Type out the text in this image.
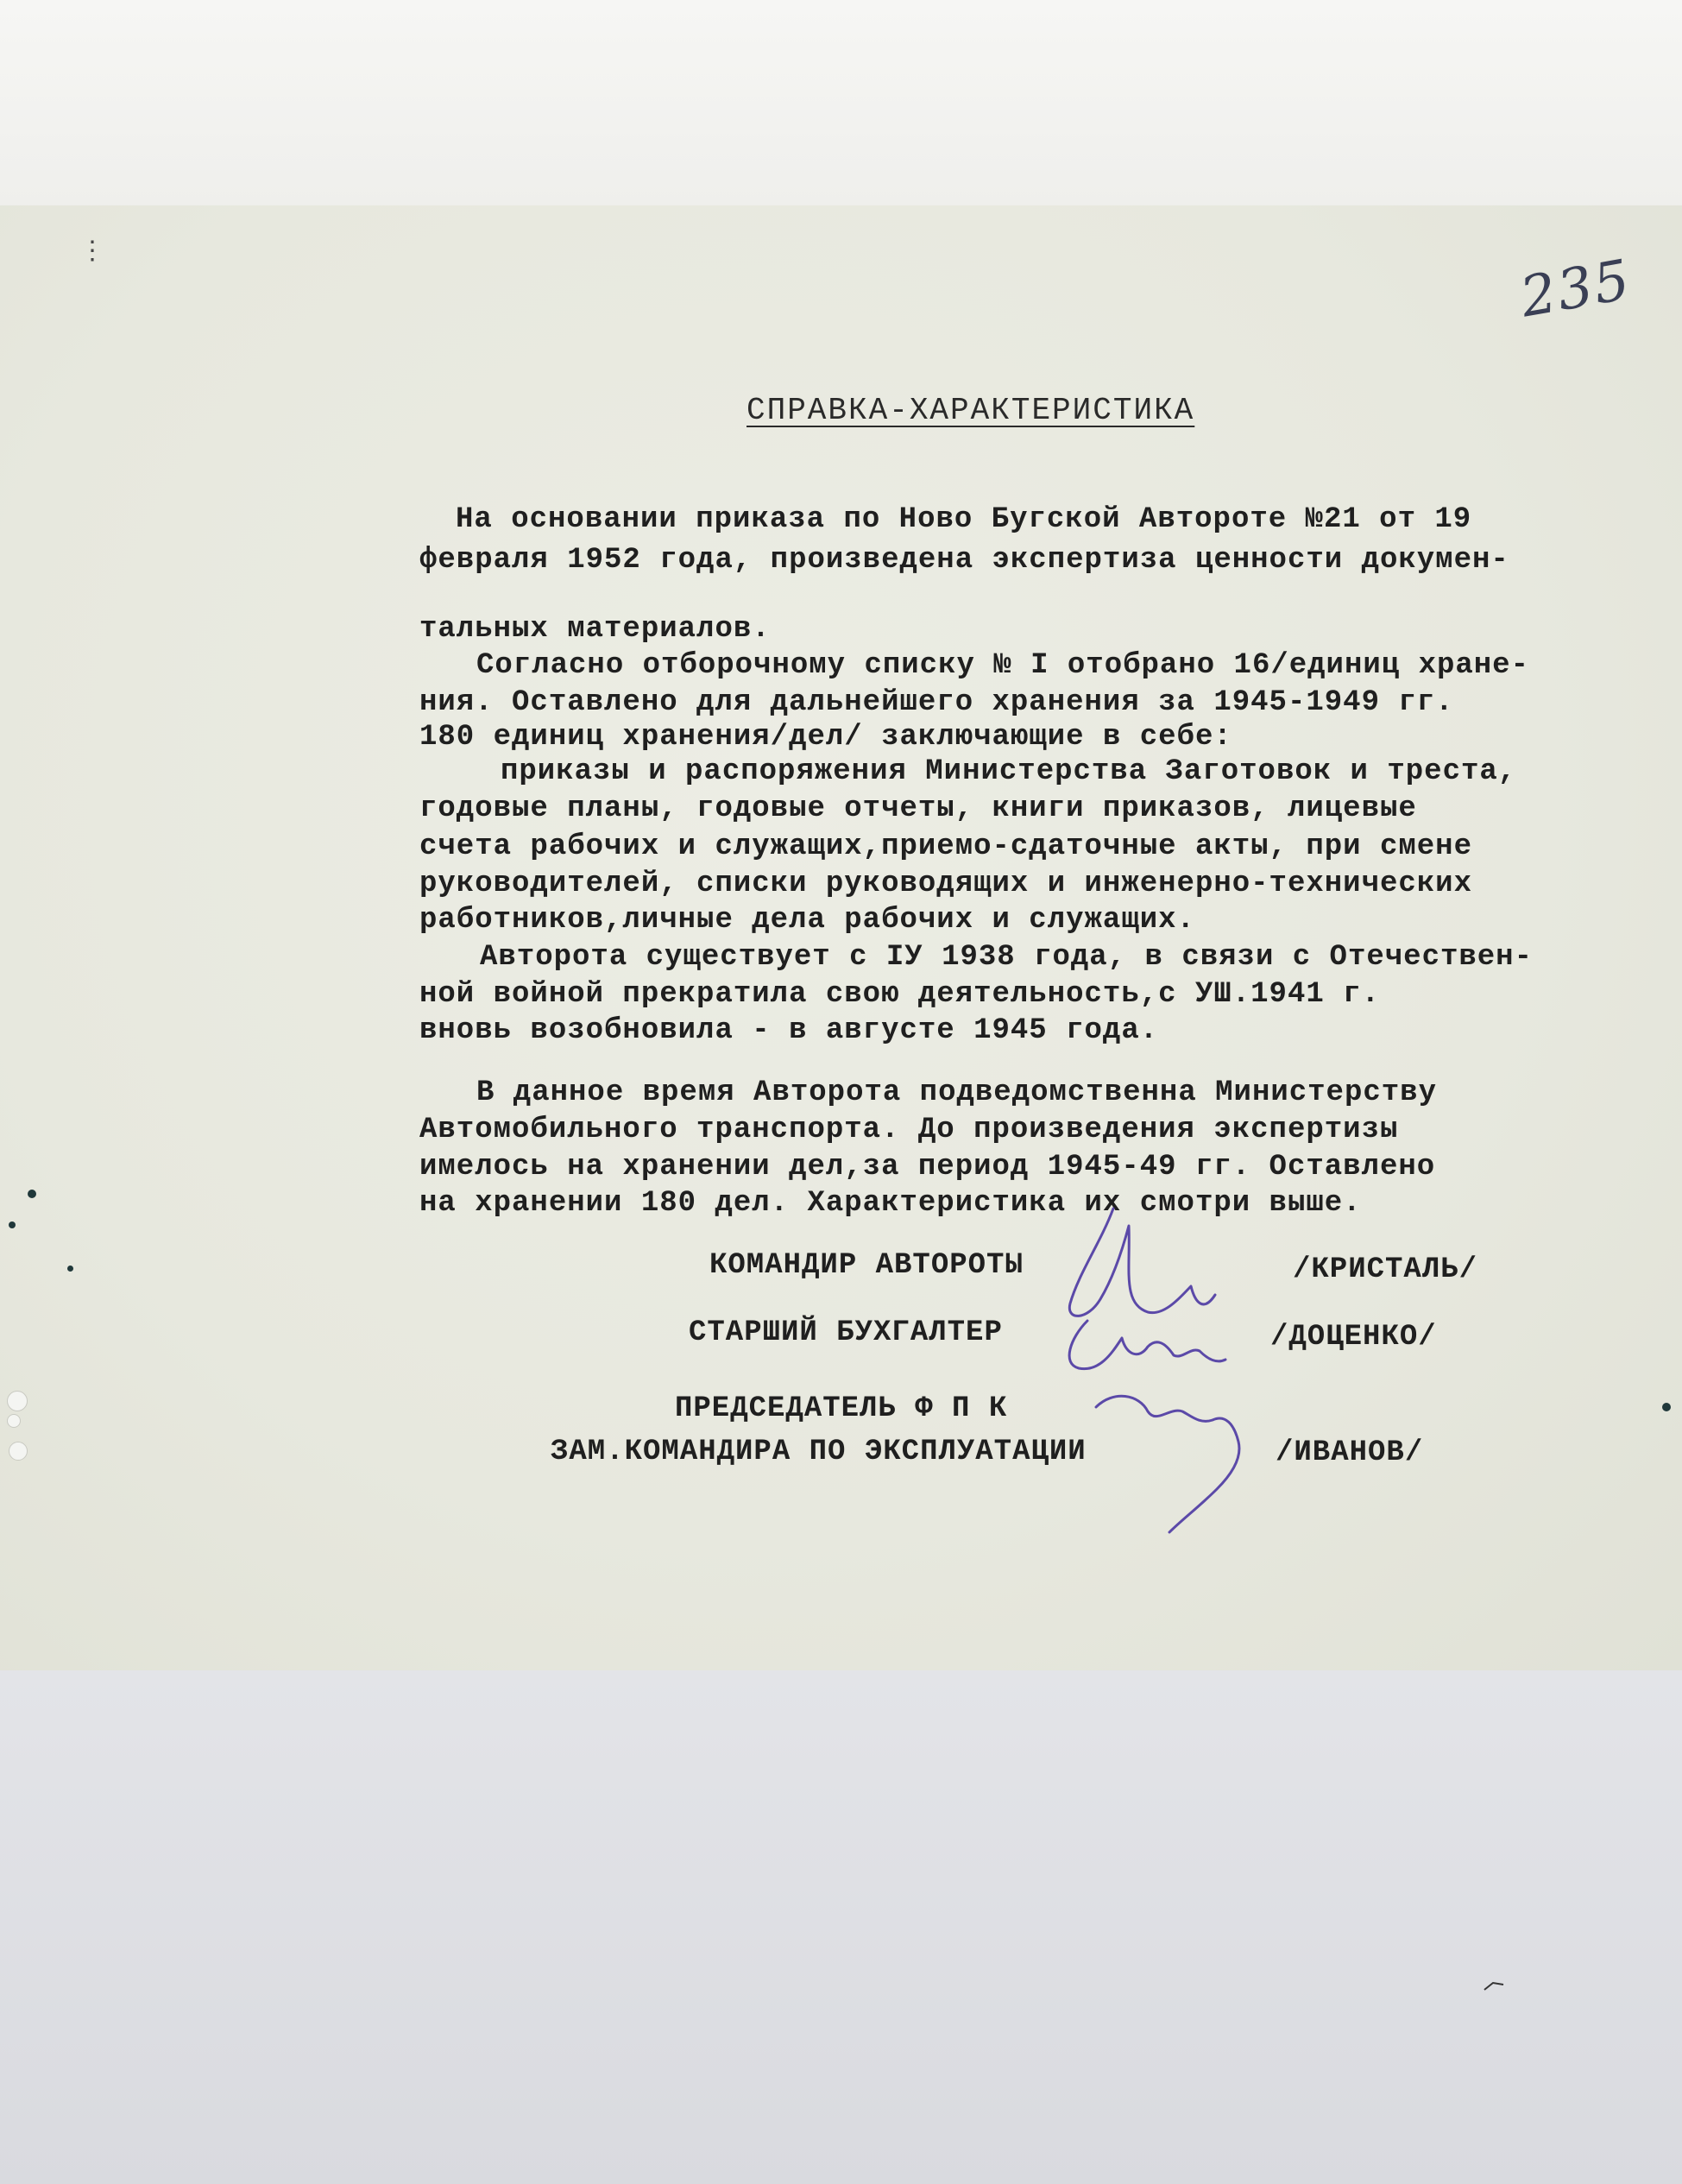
⋮	235
СПРАВКА-ХАРАКТЕРИСТИКА
На основании приказа по Ново Бугской Автороте №21 от 19
февраля 1952 года, произведена экспертиза ценности докумен-
тальных материалов.
Согласно отборочному списку № I отобрано 16/единиц хране-
ния. Оставлено для дальнейшего хранения за 1945-1949 гг.
180 единиц хранения/дел/ заключающие в себе:
приказы и распоряжения Министерства Заготовок и треста,
годовые планы, годовые отчеты, книги приказов, лицевые
счета рабочих и служащих,приемо-сдаточные акты, при смене
руководителей, списки руководящих и инженерно-технических
работников,личные дела рабочих и служащих.
Авторота существует с IУ 1938 года, в связи с Отечествен-
ной войной прекратила свою деятельность,с УШ.1941 г.
вновь возобновила - в августе 1945 года.
В данное время Авторота подведомственна Министерству
Автомобильного транспорта. До произведения экспертизы
имелось на хранении дел,за период 1945-49 гг. Оставлено
на хранении 180 дел. Характеристика их смотри выше.
КОМАНДИР АВТОРОТЫ	/КРИСТАЛЬ/
СТАРШИЙ БУХГАЛТЕР	/ДОЦЕНКО/
ПРЕДСЕДАТЕЛЬ Ф П К
ЗАМ.КОМАНДИРА ПО ЭКСПЛУАТАЦИИ	/ИВАНОВ/
